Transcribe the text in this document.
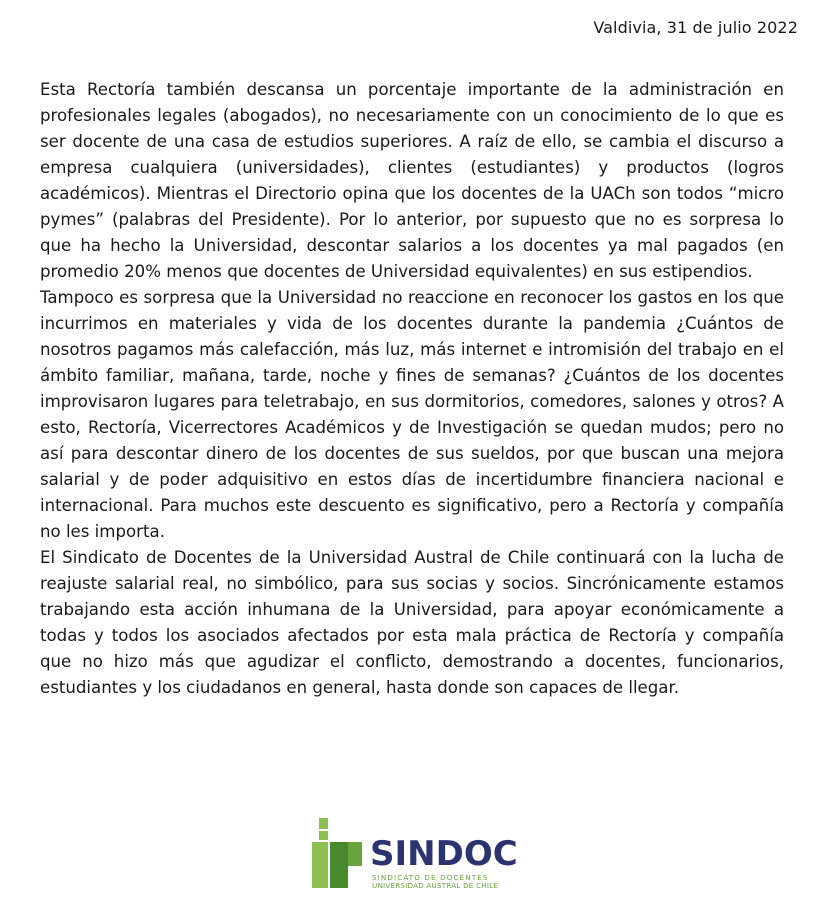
Valdivia, 31 de julio 2022

Esta Rectoría también descansa un porcentaje importante de la administración en profesionales legales (abogados), no necesariamente con un conocimiento de lo que es ser docente de una casa de estudios superiores. A raíz de ello, se cambia el discurso a empresa cualquiera (universidades), clientes (estudiantes) y productos (logros académicos). Mientras el Directorio opina que los docentes de la UACh son todos “micro pymes” (palabras del Presidente). Por lo anterior, por supuesto que no es sorpresa lo que ha hecho la Universidad, descontar salarios a los docentes ya mal pagados (en promedio 20% menos que docentes de Universidad equivalentes) en sus estipendios.

Tampoco es sorpresa que la Universidad no reaccione en reconocer los gastos en los que incurrimos en materiales y vida de los docentes durante la pandemia ¿Cuántos de nosotros pagamos más calefacción, más luz, más internet e intromisión del trabajo en el ámbito familiar, mañana, tarde, noche y fines de semanas? ¿Cuántos de los docentes improvisaron lugares para teletrabajo, en sus dormitorios, comedores, salones y otros? A esto, Rectoría, Vicerrectores Académicos y de Investigación se quedan mudos; pero no así para descontar dinero de los docentes de sus sueldos, por que buscan una mejora salarial y de poder adquisitivo en estos días de incertidumbre financiera nacional e internacional. Para muchos este descuento es significativo, pero a Rectoría y compañía no les importa.

El Sindicato de Docentes de la Universidad Austral de Chile continuará con la lucha de reajuste salarial real, no simbólico, para sus socias y socios. Sincrónicamente estamos trabajando esta acción inhumana de la Universidad, para apoyar económicamente a todas y todos los asociados afectados por esta mala práctica de Rectoría y compañía que no hizo más que agudizar el conflicto, demostrando a docentes, funcionarios, estudiantes y los ciudadanos en general, hasta donde son capaces de llegar.

SINDOC
SINDICATO DE DOCENTES
UNIVERSIDAD AUSTRAL DE CHILE
